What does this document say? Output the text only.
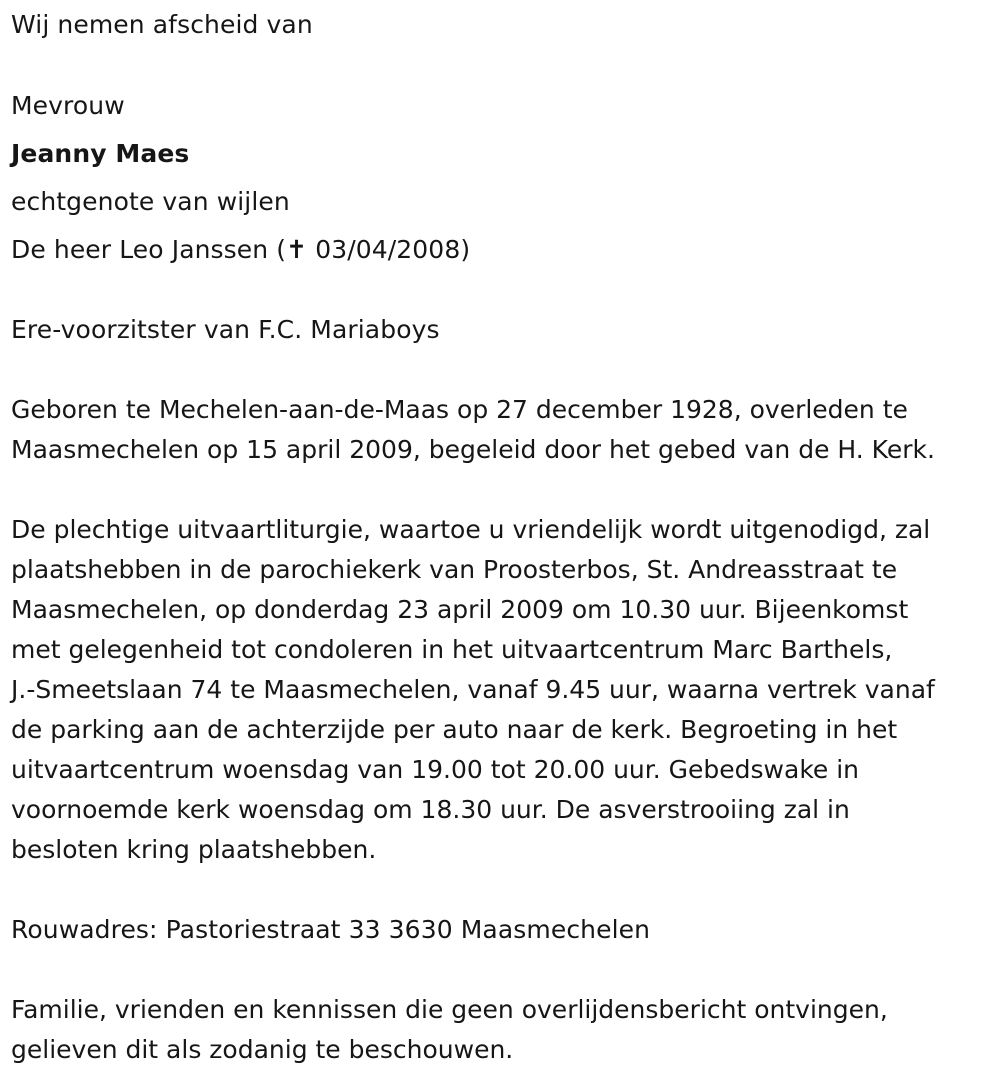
Wij nemen afscheid van
Mevrouw
Jeanny Maes
echtgenote van wijlen
De heer Leo Janssen (✝ 03/04/2008)
Ere-voorzitster van F.C. Mariaboys
Geboren te Mechelen-aan-de-Maas op 27 december 1928, overleden te
Maasmechelen op 15 april 2009, begeleid door het gebed van de H. Kerk.
De plechtige uitvaartliturgie, waartoe u vriendelijk wordt uitgenodigd, zal
plaatshebben in de parochiekerk van Proosterbos, St. Andreasstraat te
Maasmechelen, op donderdag 23 april 2009 om 10.30 uur. Bijeenkomst
met gelegenheid tot condoleren in het uitvaartcentrum Marc Barthels,
J.-Smeetslaan 74 te Maasmechelen, vanaf 9.45 uur, waarna vertrek vanaf
de parking aan de achterzijde per auto naar de kerk. Begroeting in het
uitvaartcentrum woensdag van 19.00 tot 20.00 uur. Gebedswake in
voornoemde kerk woensdag om 18.30 uur. De asverstrooiing zal in
besloten kring plaatshebben.
Rouwadres: Pastoriestraat 33 3630 Maasmechelen
Familie, vrienden en kennissen die geen overlijdensbericht ontvingen,
gelieven dit als zodanig te beschouwen.
